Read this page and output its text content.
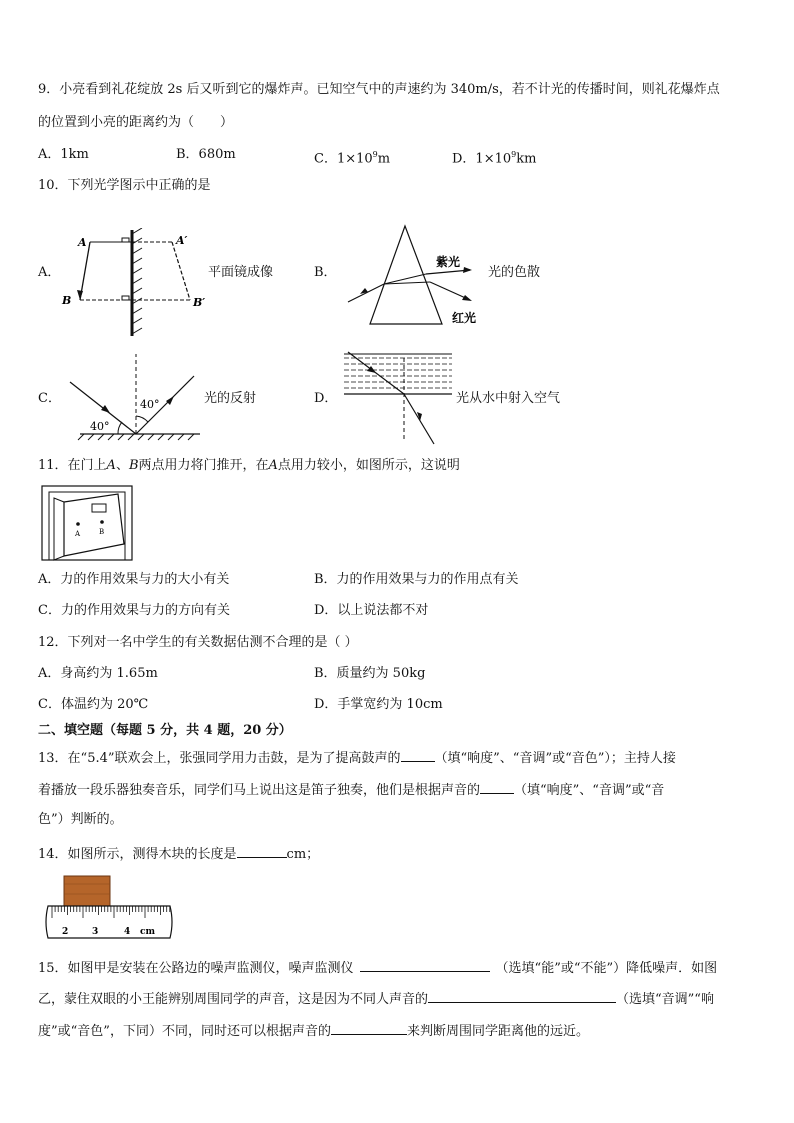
9．小亮看到礼花绽放 2s 后又听到它的爆炸声。已知空气中的声速约为 340m/s，若不计光的传播时间，则礼花爆炸点
的位置到小亮的距离约为（　　）
A．1km	B．680m	C．$1\times 10^9m$	D．$1\times 10^9km$
10．下列光学图示中正确的是
A．
A	A′
B	B′
平面镜成像	B．
紫光
红光
光的色散
C．
40°
40°	光的反射	D．	光从水中射入空气
11．在门上A、B两点用力将门推开，在A点用力较小，如图所示，这说明
A	B
A．力的作用效果与力的大小有关	B．力的作用效果与力的作用点有关
C．力的作用效果与力的方向有关	D．以上说法都不对
12．下列对一名中学生的有关数据估测不合理的是（ ）
A．身高约为 1.65m	B．质量约为 50kg
C．体温约为 20℃	D．手掌宽约为 10cm
二、填空题（每题 5 分，共 4 题，20 分）
13．在“5.4”联欢会上，张强同学用力击鼓，是为了提高鼓声的	（填“响度”、“音调”或“音色”）；主持人接
着播放一段乐器独奏音乐，同学们马上说出这是笛子独奏，他们是根据声音的	（填“响度”、“音调”或“音
色”）判断的。
14．如图所示，测得木块的长度是	cm；
2	3	4 cm
15．如图甲是安装在公路边的噪声监测仪，噪声监测仪	（选填“能”或“不能”）降低噪声．如图
乙，蒙住双眼的小王能辨别周围同学的声音，这是因为不同人声音的	（选填“音调”“响
度”或“音色”，下同）不同，同时还可以根据声音的	来判断周围同学距离他的远近。
